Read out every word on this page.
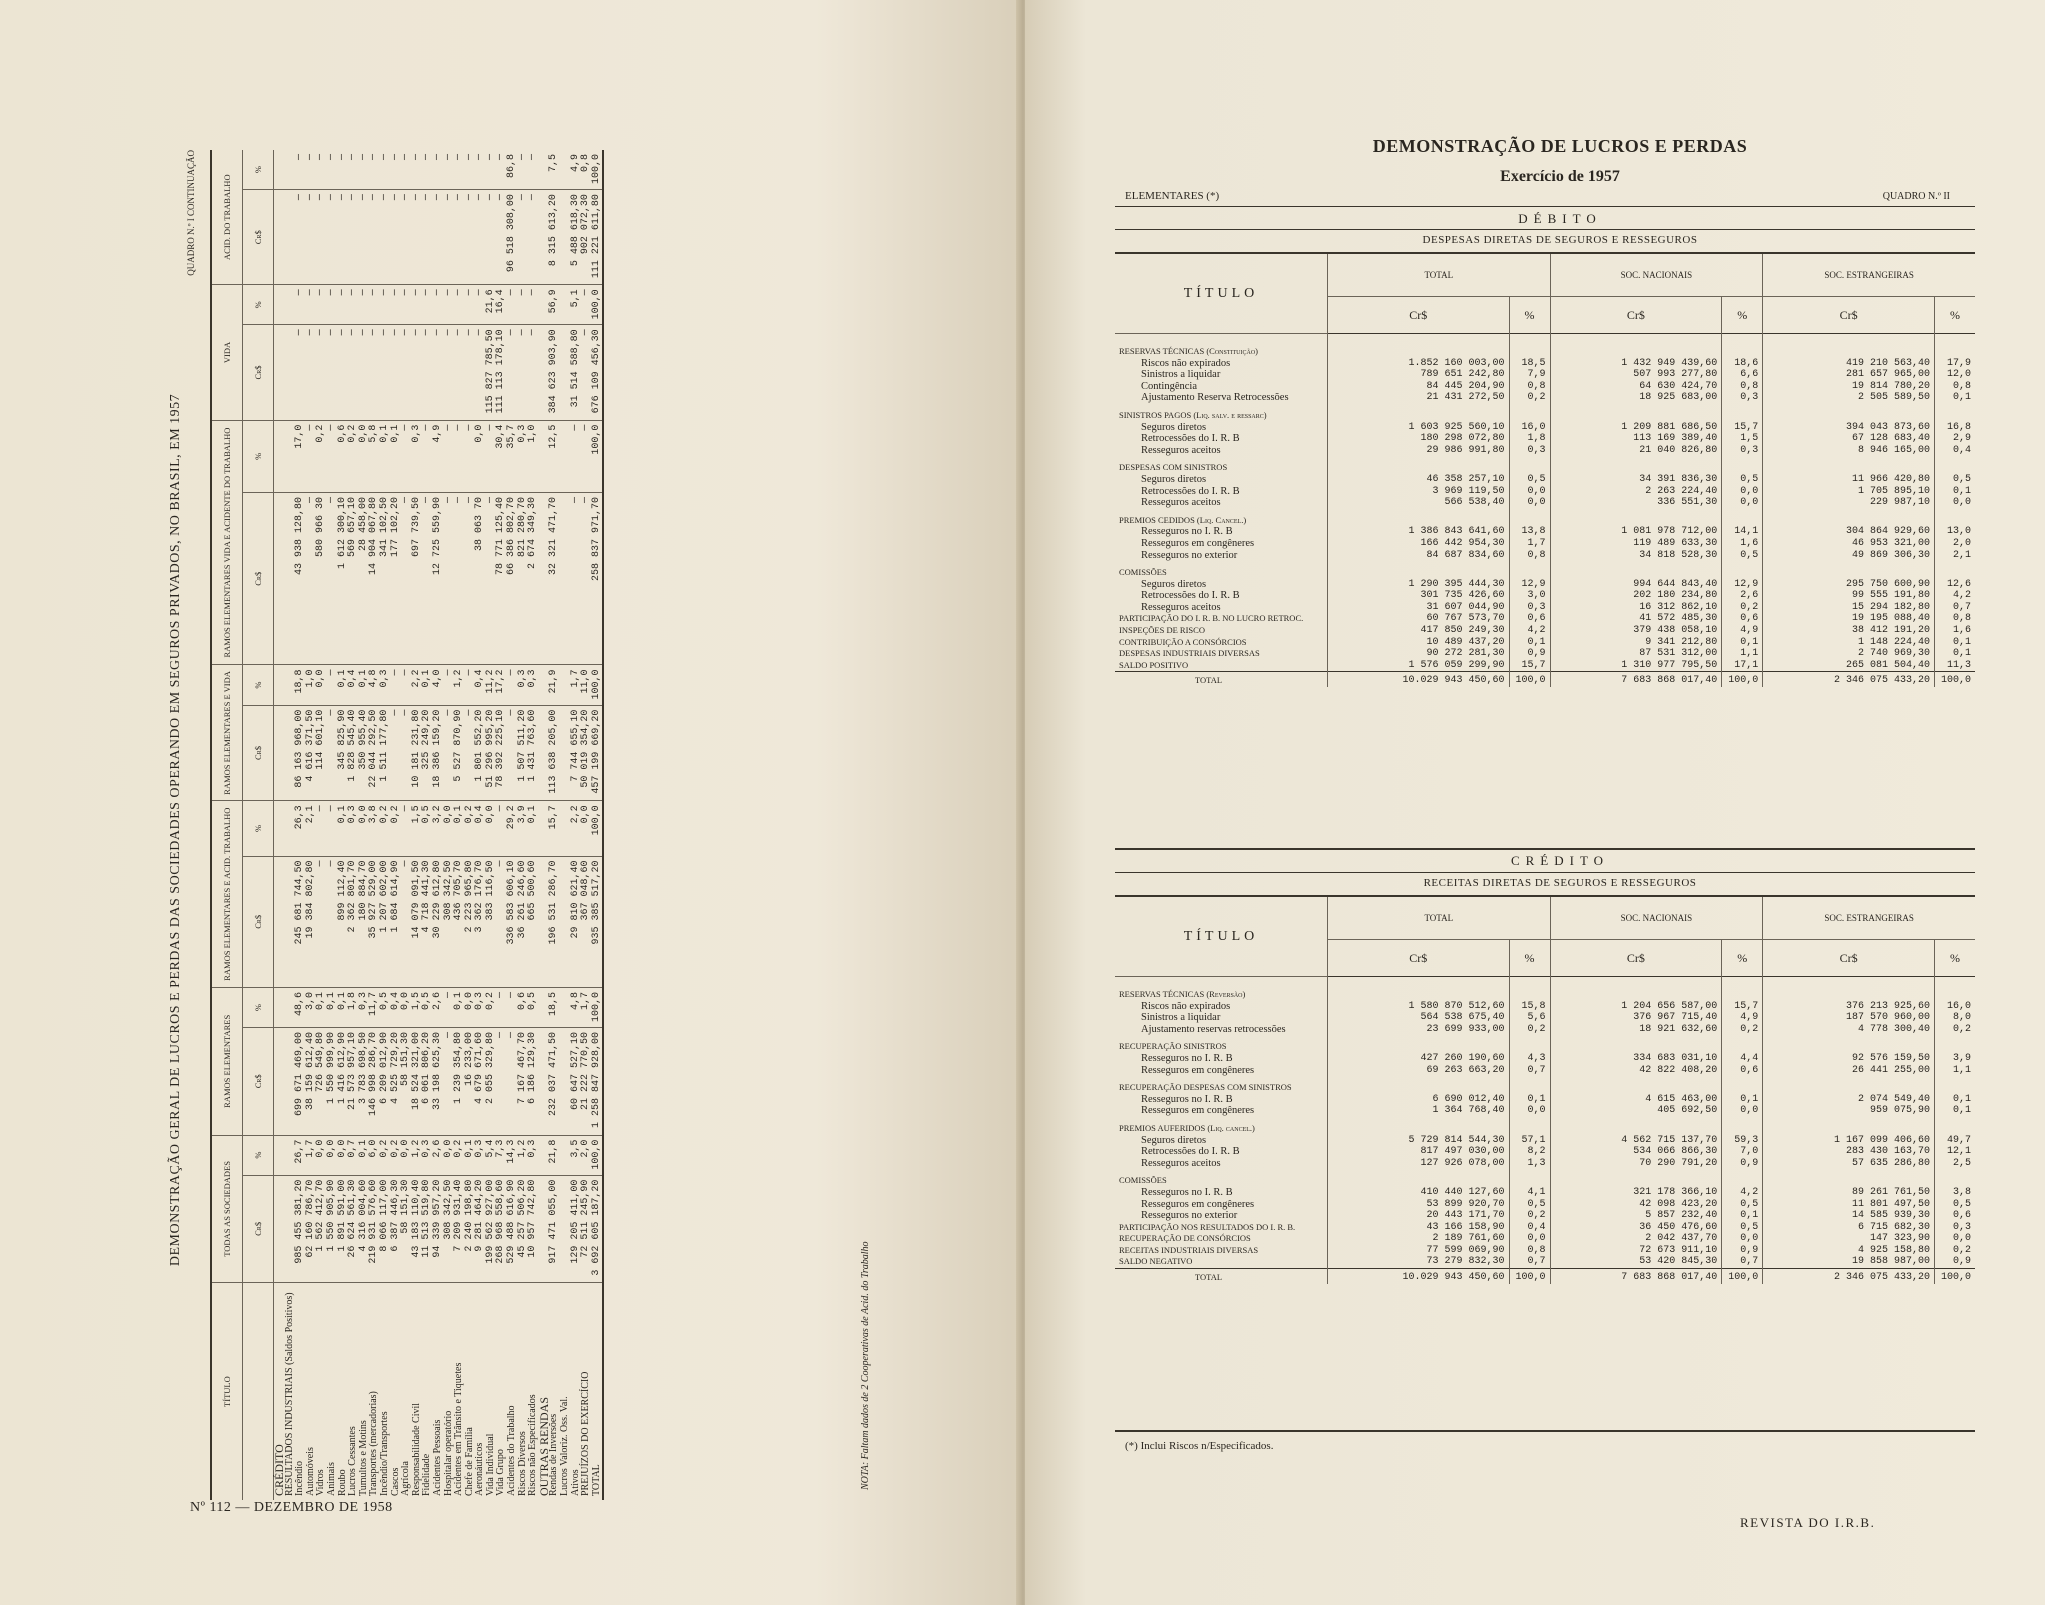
DEMONSTRAÇÃO GERAL DE LUCROS E PERDAS DAS SOCIEDADES OPERANDO EM SEGUROS PRIVADOS, NO BRASIL, EM 1957
QUADRO N.º I CONTINUAÇÃO
TÍTULO	TODAS AS SOCIEDADES		RAMOS ELEMENTARES		RAMOS ELEMENTARES E ACID. TRABALHO		RAMOS ELEMENTARES E VIDA		RAMOS ELEMENTARES VIDA E ACIDENTE DO TRABALHO		VIDA		ACID. DO TRABALHO	
	Cr$	%	Cr$	%	Cr$	%	Cr$	%	Cr$	%	Cr$	%	Cr$	%
CRÉDITO														
RESULTADOS INDUSTRIAIS (Saldos Positivos)														
Incêndio	985 455 381,20	26,7	699 671 469,00	48,6	245 681 744,50	26,3	86 163 968,00	18,8	43 938 128,80	17,0	—	—	—	—
Automóveis	62 160 786,70	1,7	38 159 612,40	3,0	19 384 802,80	2,1	4 616 371,50	1,0	—	—	—	—	—	—
Vidros	1 562 412,70	0,0	726 549,80	0,1	—	—	114 601,10	0,0	580 966 30	0,2	—	—	—	—
Animais	1 550 905,90	0,0	1 550 999,90	0,1	—	—	—	—	—	—	—	—	—	—
Roubo	1 891 591,00	0,0	1 416 612,90	0,1	899 112,40	0,1	345 825,90	0,1	1 612 300,10	0,6	—	—	—	—
Lucros Cessantes	26 624 561,30	0,7	21 573 957,10	1,8	2 362 801,70	0,3	1 828 545,40	0,4	569 657,10	0,2	—	—	—	—
Tumultos e Motins	4 316 004,60	0,1	3 783 698,50	0,3	180 884,70	0,0	350 955,40	0,1	28 458,00	0,0	—	—	—	—
Transportes (mercadorias)	219 931 576,60	6,0	146 998 286,70	11,7	35 927 529,00	3,8	22 044 292,50	4,8	14 904 067,80	5,8	—	—	—	—
Incêndio/Transportes	8 066 117,00	0,2	6 209 012,90	0,5	1 207 602,00	0,2	1 511 177,80	0,3	341 102,50	0,1	—	—	—	—
Cascos	6 387 446,30	0,2	4 525 729,20	0,4	1 684 614,90	0,2	—	—	177 102,20	0,1	—	—	—	—
Agrícola	58 151,30	0,0	58 151,30	0,0	—	—	—	—	—	—	—	—	—	—
Responsabilidade Civil	43 183 110,40	1,2	18 524 321,00	1,5	14 079 091,50	1,5	10 181 231,80	2,2	697 739,50	0,3	—	—	—	—
Fidelidade	11 513 519,80	0,3	6 061 806,20	0,5	4 718 441,30	0,5	325 249,20	0,1	—	—	—	—	—	—
Acidentes Pessoais	94 339 957,20	2,6	33 198 625,30	2,6	30 229 612,80	3,2	18 386 159,20	4,0	12 725 559,90	4,9	—	—	—	—
Hospitalar operatório	308 342,50	0,0	—	—	308 342,50	0,0	—	—	—	—	—	—	—	—
Acidentes em Trânsito e Tiquetes	7 209 931,40	0,2	1 239 354,80	0,1	436 705,70	0,1	5 527 870,90	1,2	—	—	—	—	—	—
Chefe de Família	2 240 198,80	0,1	16 233,00	0,0	2 223 965,80	0,2	—	—	—	—	—	—	—	—
Aeronáuticos	9 281 464,20	0,3	4 679 671,60	0,3	3 362 176,70	0,4	1 801 552,20	0,4	38 063 70	0,0	—	—	—	—
Vida Individual	199 562 927,00	5,4	2 055 329,80	0,2	383 116,50	0,0	51 296 995,20	11,2	—	—	115 827 785,50	21,6	—	—
Vida Grupo	268 968 558,60	7,3	—	—	—	—	78 392 225,10	17,2	78 771 125,40	30,4	111 113 178,10	16,4	—	—
Acidentes do Trabalho	529 488 616,90	14,3	—	—	336 583 606,10	29,2	—	—	66 386 802,70	35,7	—	—	96 518 308,00	86,8
Riscos Diversos	45 257 506,20	1,2	7 167 467,70	0,6	36 261 246,60	3,9	1 507 511,20	0,3	821 280,70	0,3	—	—	—	—
Riscos não Especificados	10 957 742,80	0,3	6 186 129,30	0,5	665 500,60	0,1	1 431 763,60	0,3	2 674 349,30	1,0	—	—	—	—
OUTRAS RENDAS														
Rendas de Inversões	917 471 055,00	21,8	232 037 471,50	18,5	196 531 286,70	15,7	113 638 205,00	21,9	32 321 471,70	12,5	384 623 903,90	56,9	8 315 613,20	7,5
Lucros Valoriz. Oss. Val.														
Ativos	129 205 411,00	3,5	60 647 527,10	4,8	29 810 621,40	2,2	7 744 655,10	1,7	—	—	31 514 588,80	5,1	5 488 618,30	4,9
PREJUÍZOS DO EXERCÍCIO	72 511 245,90	2,0	21 222 770,50	1,7	367 048,60	0,0	50 019 354,20	11,0	—	—	—	—	902 072,30	0,8
TOTAL	3 692 605 187,20	100,0	1 258 847 928,00	100,0	935 385 517,20	100,0	457 199 669,20	100,0	258 837 971,70	100,0	676 109 456,30	100,0	111 221 611,80	100,0
NOTA: Faltam dados de 2 Cooperativas de Acid. do Trabalho
Nº 112 — DEZEMBRO DE 1958
DEMONSTRAÇÃO DE LUCROS E PERDAS
Exercício de 1957
ELEMENTARES (*)	QUADRO N.º II
DÉBITO
DESPESAS DIRETAS DE SEGUROS E RESSEGUROS
TÍTULO	TOTAL		SOC. NACIONAIS		SOC. ESTRANGEIRAS	
	Cr$	%	Cr$	%	Cr$	%

RESERVAS TÉCNICAS (Constituição)						
Riscos não expirados	1.852 160 003,00	18,5	1 432 949 439,60	18,6	419 210 563,40	17,9
Sinistros a liquidar	789 651 242,80	7,9	507 993 277,80	6,6	281 657 965,00	12,0
Contingência	84 445 204,90	0,8	64 630 424,70	0,8	19 814 780,20	0,8
Ajustamento Reserva Retrocessões	21 431 272,50	0,2	18 925 683,00	0,3	2 505 589,50	0,1
SINISTROS PAGOS (Liq. salv. e ressarc)						
Seguros diretos	1 603 925 560,10	16,0	1 209 881 686,50	15,7	394 043 873,60	16,8
Retrocessões do I. R. B	180 298 072,80	1,8	113 169 389,40	1,5	67 128 683,40	2,9
Resseguros aceitos	29 986 991,80	0,3	21 040 826,80	0,3	8 946 165,00	0,4
DESPESAS COM SINISTROS						
Seguros diretos	46 358 257,10	0,5	34 391 836,30	0,5	11 966 420,80	0,5
Retrocessões do I. R. B	3 969 119,50	0,0	2 263 224,40	0,0	1 705 895,10	0,1
Resseguros aceitos	566 538,40	0,0	336 551,30	0,0	229 987,10	0,0
PREMIOS CEDIDOS (Liq. Cancel.)						
Resseguros no I. R. B	1 386 843 641,60	13,8	1 081 978 712,00	14,1	304 864 929,60	13,0
Resseguros em congêneres	166 442 954,30	1,7	119 489 633,30	1,6	46 953 321,00	2,0
Resseguros no exterior	84 687 834,60	0,8	34 818 528,30	0,5	49 869 306,30	2,1
COMISSÕES						
Seguros diretos	1 290 395 444,30	12,9	994 644 843,40	12,9	295 750 600,90	12,6
Retrocessões do I. R. B	301 735 426,60	3,0	202 180 234,80	2,6	99 555 191,80	4,2
Resseguros aceitos	31 607 044,90	0,3	16 312 862,10	0,2	15 294 182,80	0,7
PARTICIPAÇÃO DO I. R. B. NO LUCRO RETROC.	60 767 573,70	0,6	41 572 485,30	0,6	19 195 088,40	0,8
INSPEÇÕES DE RISCO	417 850 249,30	4,2	379 438 058,10	4,9	38 412 191,20	1,6
CONTRIBUIÇÃO A CONSÓRCIOS	10 489 437,20	0,1	9 341 212,80	0,1	1 148 224,40	0,1
DESPESAS INDUSTRIAIS DIVERSAS	90 272 281,30	0,9	87 531 312,00	1,1	2 740 969,30	0,1
SALDO POSITIVO	1 576 059 299,90	15,7	1 310 977 795,50	17,1	265 081 504,40	11,3
TOTAL	10.029 943 450,60	100,0	7 683 868 017,40	100,0	2 346 075 433,20	100,0
CRÉDITO
RECEITAS DIRETAS DE SEGUROS E RESSEGUROS
TÍTULO	TOTAL		SOC. NACIONAIS		SOC. ESTRANGEIRAS	
	Cr$	%	Cr$	%	Cr$	%

RESERVAS TÉCNICAS (Reversão)						
Riscos não expirados	1 580 870 512,60	15,8	1 204 656 587,00	15,7	376 213 925,60	16,0
Sinistros a liquidar	564 538 675,40	5,6	376 967 715,40	4,9	187 570 960,00	8,0
Ajustamento reservas retrocessões	23 699 933,00	0,2	18 921 632,60	0,2	4 778 300,40	0,2
RECUPERAÇÃO SINISTROS						
Resseguros no I. R. B	427 260 190,60	4,3	334 683 031,10	4,4	92 576 159,50	3,9
Resseguros em congêneres	69 263 663,20	0,7	42 822 408,20	0,6	26 441 255,00	1,1
RECUPERAÇÃO DESPESAS COM SINISTROS						
Resseguros no I. R. B	6 690 012,40	0,1	4 615 463,00	0,1	2 074 549,40	0,1
Resseguros em congêneres	1 364 768,40	0,0	405 692,50	0,0	959 075,90	0,1
PREMIOS AUFERIDOS (Liq. cancel.)						
Seguros diretos	5 729 814 544,30	57,1	4 562 715 137,70	59,3	1 167 099 406,60	49,7
Retrocessões do I. R. B	817 497 030,00	8,2	534 066 866,30	7,0	283 430 163,70	12,1
Resseguros aceitos	127 926 078,00	1,3	70 290 791,20	0,9	57 635 286,80	2,5
COMISSÕES						
Resseguros no I. R. B	410 440 127,60	4,1	321 178 366,10	4,2	89 261 761,50	3,8
Resseguros em congêneres	53 899 920,70	0,5	42 098 423,20	0,5	11 801 497,50	0,5
Resseguros no exterior	20 443 171,70	0,2	5 857 232,40	0,1	14 585 939,30	0,6
PARTICIPAÇÃO NOS RESULTADOS DO I. R. B.	43 166 158,90	0,4	36 450 476,60	0,5	6 715 682,30	0,3
RECUPERAÇÃO DE CONSÓRCIOS	2 189 761,60	0,0	2 042 437,70	0,0	147 323,90	0,0
RECEITAS INDUSTRIAIS DIVERSAS	77 599 069,90	0,8	72 673 911,10	0,9	4 925 158,80	0,2
SALDO NEGATIVO	73 279 832,30	0,7	53 420 845,30	0,7	19 858 987,00	0,9
TOTAL	10.029 943 450,60	100,0	7 683 868 017,40	100,0	2 346 075 433,20	100,0
(*) Inclui Riscos n/Especificados.
REVISTA DO I.R.B.
